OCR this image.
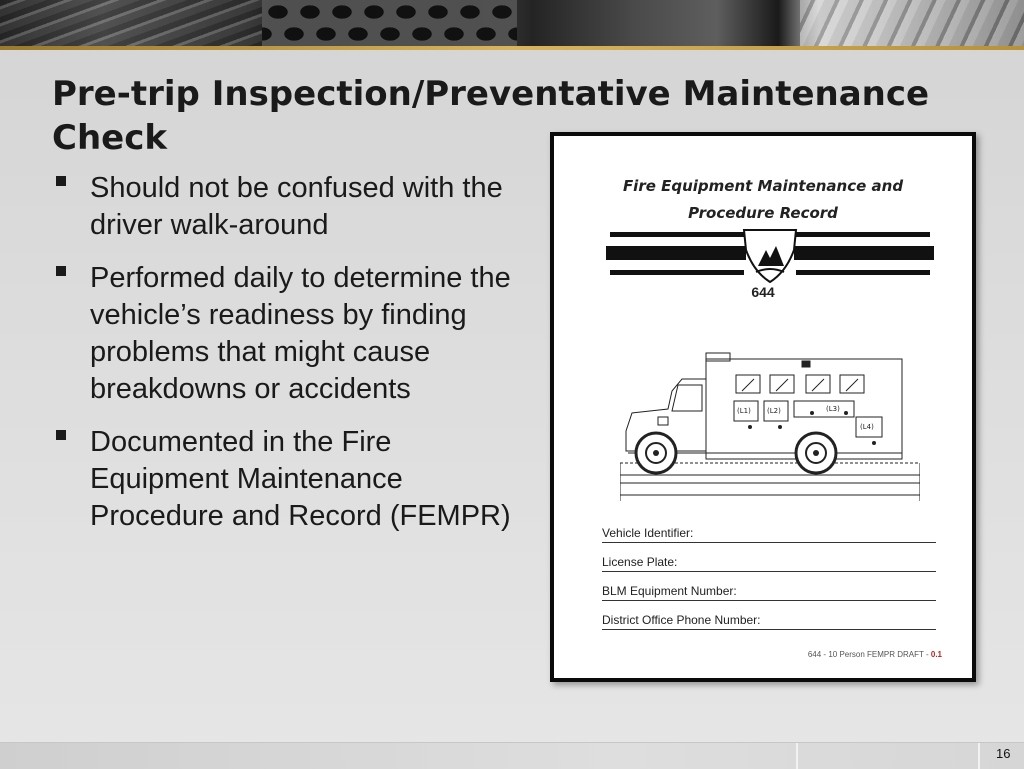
Pre-trip Inspection/Preventative Maintenance Check
Should not be confused with the driver walk-around
Performed daily to determine the vehicle’s readiness by finding problems that might cause breakdowns or accidents
Documented in the Fire Equipment Maintenance Procedure and Record (FEMPR)
Fire Equipment Maintenance and
Procedure Record
644
(L1) (L2)	(L3)
(L4)
Vehicle Identifier:
License Plate:
BLM Equipment Number:
District Office Phone Number:
644 - 10 Person FEMPR DRAFT - 0.1
16
